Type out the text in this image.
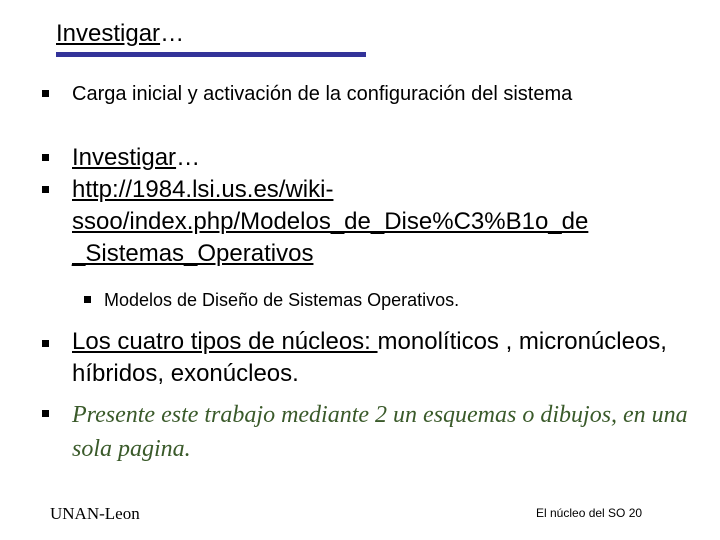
Investigar…
Carga inicial y activación de la configuración del sistema
Investigar…
http://1984.lsi.us.es/wiki-
ssoo/index.php/Modelos_de_Dise%C3%B1o_de
_Sistemas_Operativos
Modelos de Diseño de Sistemas Operativos.
Los cuatro tipos de núcleos: monolíticos , micronúcleos, híbridos, exonúcleos.
Presente este trabajo mediante 2 un esquemas o dibujos, en una sola pagina.
UNAN-Leon	El núcleo del SO 20
